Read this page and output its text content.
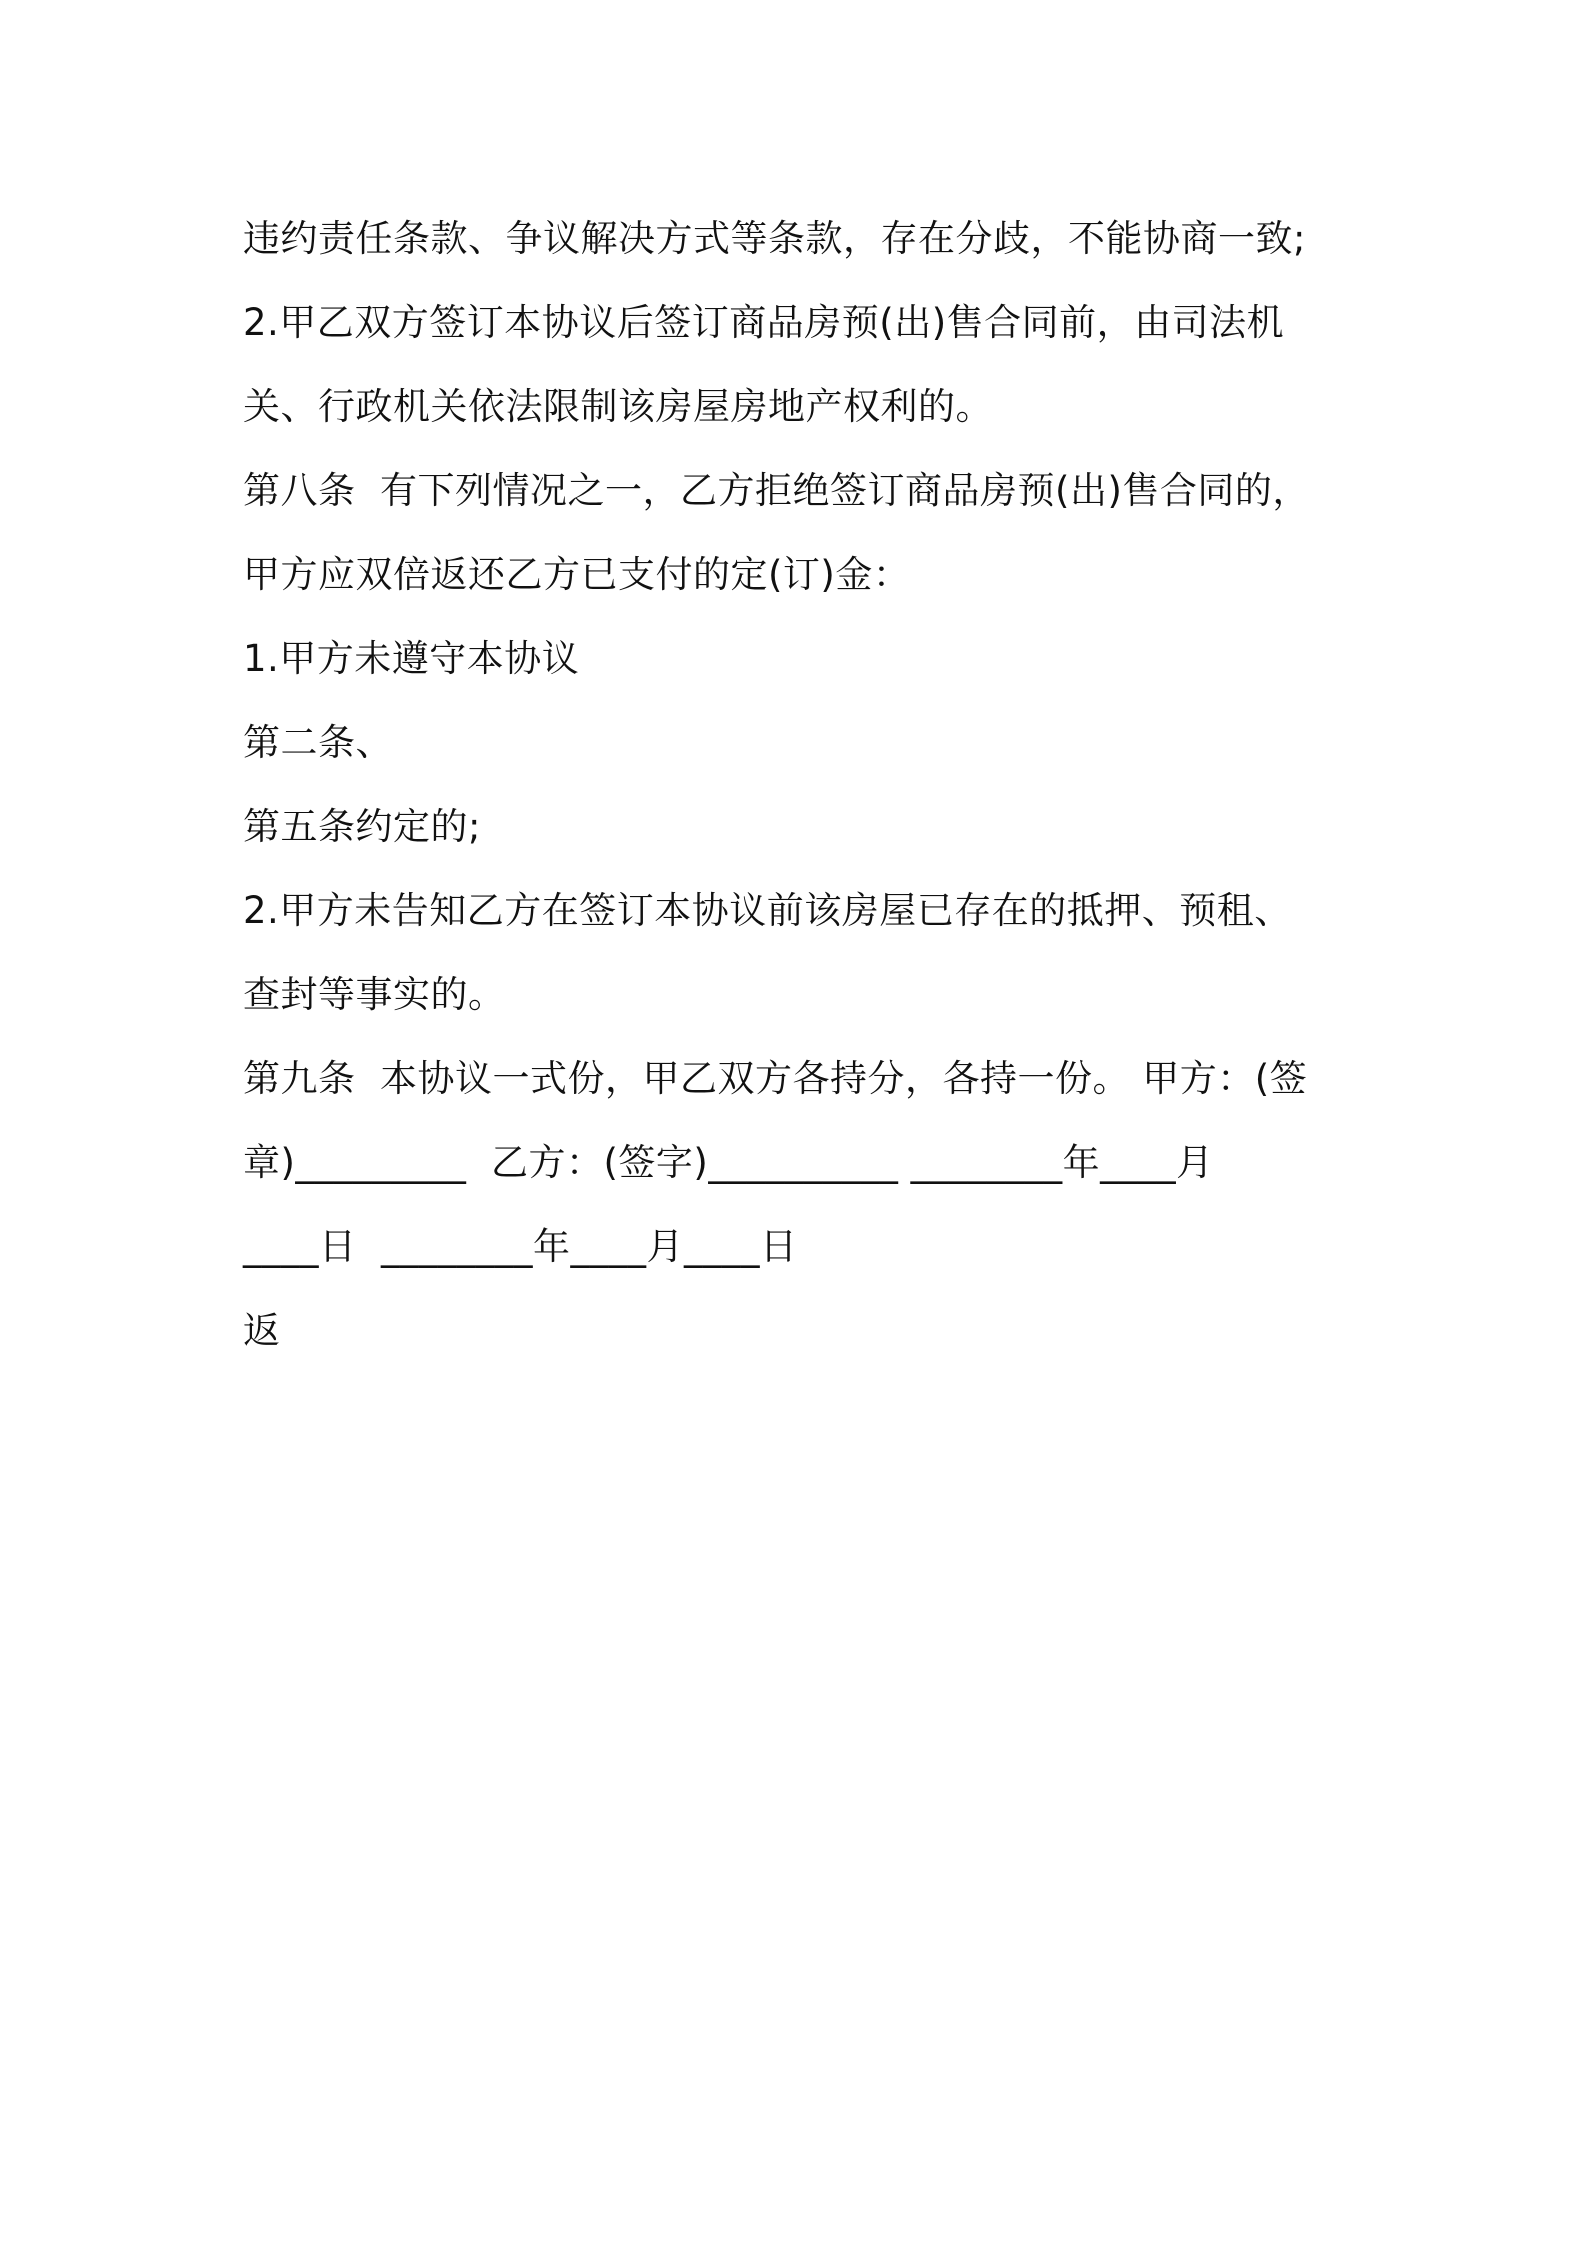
违约责任条款、争议解决方式等条款，存在分歧，不能协商一致;
2.甲乙双方签订本协议后签订商品房预(出)售合同前，由司法机
关、行政机关依法限制该房屋房地产权利的。
第八条  有下列情况之一，乙方拒绝签订商品房预(出)售合同的，
甲方应双倍返还乙方已支付的定(订)金：
1.甲方未遵守本协议
第二条、
第五条约定的;
2.甲方未告知乙方在签订本协议前该房屋已存在的抵押、预租、
查封等事实的。
第九条  本协议一式份，甲乙双方各持分，各持一份。 甲方：(签
章)_________  乙方：(签字)__________ ________年____月
____日  ________年____月____日
返
